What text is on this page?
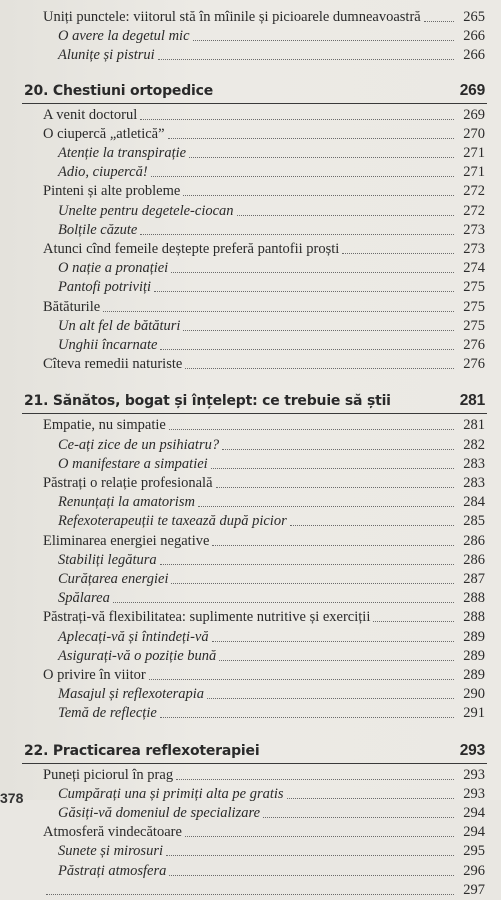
Uniți punctele: viitorul stă în mîinile și picioarele dumneavoastră	265
O avere la degetul mic	266
Alunițe și pistrui	266
20. Chestiuni ortopedice	269
A venit doctorul	269
O ciupercă „atletică”	270
Atenție la transpirație	271
Adio, ciupercă!	271
Pinteni și alte probleme	272
Unelte pentru degetele-ciocan	272
Bolțile căzute	273
Atunci cînd femeile deștepte preferă pantofii proști	273
O nație a pronației	274
Pantofi potriviți	275
Bătăturile	275
Un alt fel de bătături	275
Unghii încarnate	276
Cîteva remedii naturiste	276
21. Sănătos, bogat și înțelept: ce trebuie să știi	281
Empatie, nu simpatie	281
Ce-ați zice de un psihiatru?	282
O manifestare a simpatiei	283
Păstrați o relație profesională	283
Renunțați la amatorism	284
Refexoterapeuții te taxează după picior	285
Eliminarea energiei negative	286
Stabiliți legătura	286
Curățarea energiei	287
Spălarea	288
Păstrați-vă flexibilitatea: suplimente nutritive și exerciții	288
Aplecați-vă și întindeți-vă	289
Asigurați-vă o poziție bună	289
O privire în viitor	289
Masajul și reflexoterapia	290
Temă de reflecție	291
22. Practicarea reflexoterapiei	293
Puneți piciorul în prag	293
Cumpărați una și primiți alta pe gratis	293
Găsiți-vă domeniul de specializare	294
Atmosferă vindecătoare	294
Sunete și mirosuri	295
Păstrați atmosfera	296
297
378
